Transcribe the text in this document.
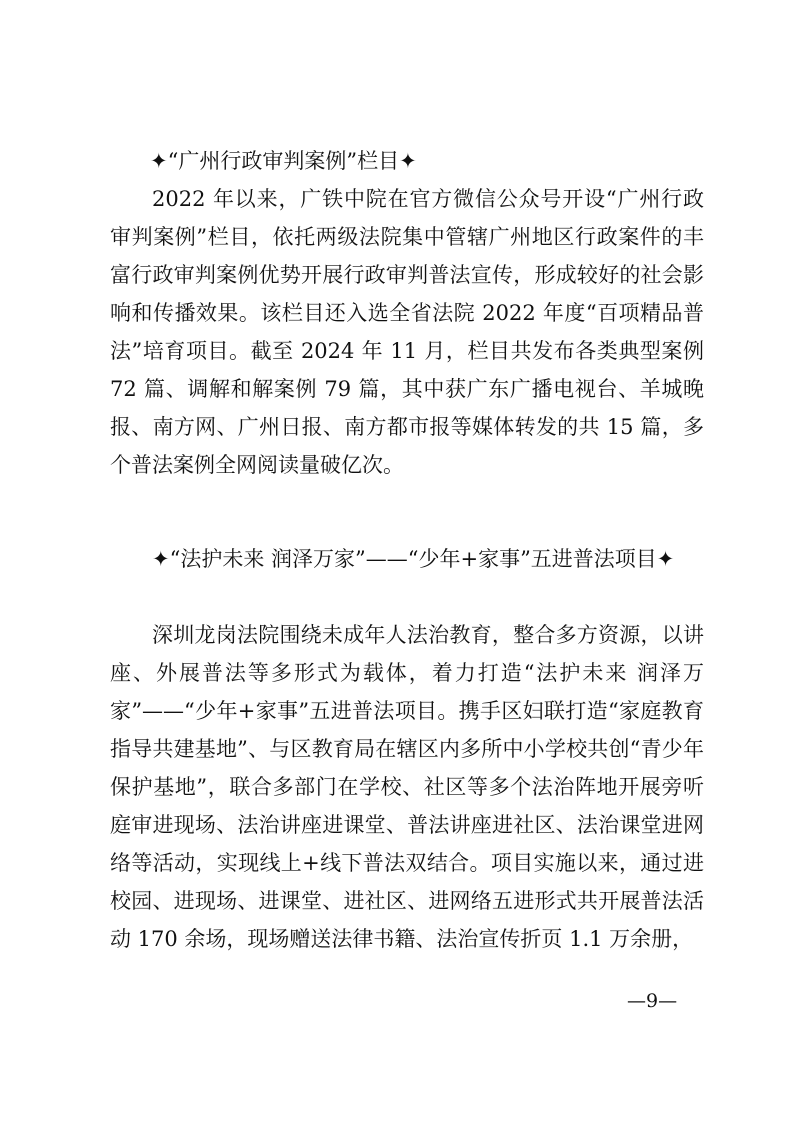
✦“广州行政审判案例”栏目✦
2022 年以来，广铁中院在官方微信公众号开设“广州行政审判案例”栏目，依托两级法院集中管辖广州地区行政案件的丰富行政审判案例优势开展行政审判普法宣传，形成较好的社会影响和传播效果。该栏目还入选全省法院 2022 年度“百项精品普法”培育项目。截至 2024 年 11 月，栏目共发布各类典型案例 72 篇、调解和解案例 79 篇，其中获广东广播电视台、羊城晚报、南方网、广州日报、南方都市报等媒体转发的共 15 篇，多个普法案例全网阅读量破亿次。
✦“法护未来 润泽万家”——“少年+家事”五进普法项目✦
深圳龙岗法院围绕未成年人法治教育，整合多方资源，以讲座、外展普法等多形式为载体，着力打造“法护未来 润泽万家”——“少年+家事”五进普法项目。携手区妇联打造“家庭教育指导共建基地”、与区教育局在辖区内多所中小学校共创“青少年保护基地”，联合多部门在学校、社区等多个法治阵地开展旁听庭审进现场、法治讲座进课堂、普法讲座进社区、法治课堂进网络等活动，实现线上+线下普法双结合。项目实施以来，通过进校园、进现场、进课堂、进社区、进网络五进形式共开展普法活动 170 余场，现场赠送法律书籍、法治宣传折页 1.1 万余册，
—9—
